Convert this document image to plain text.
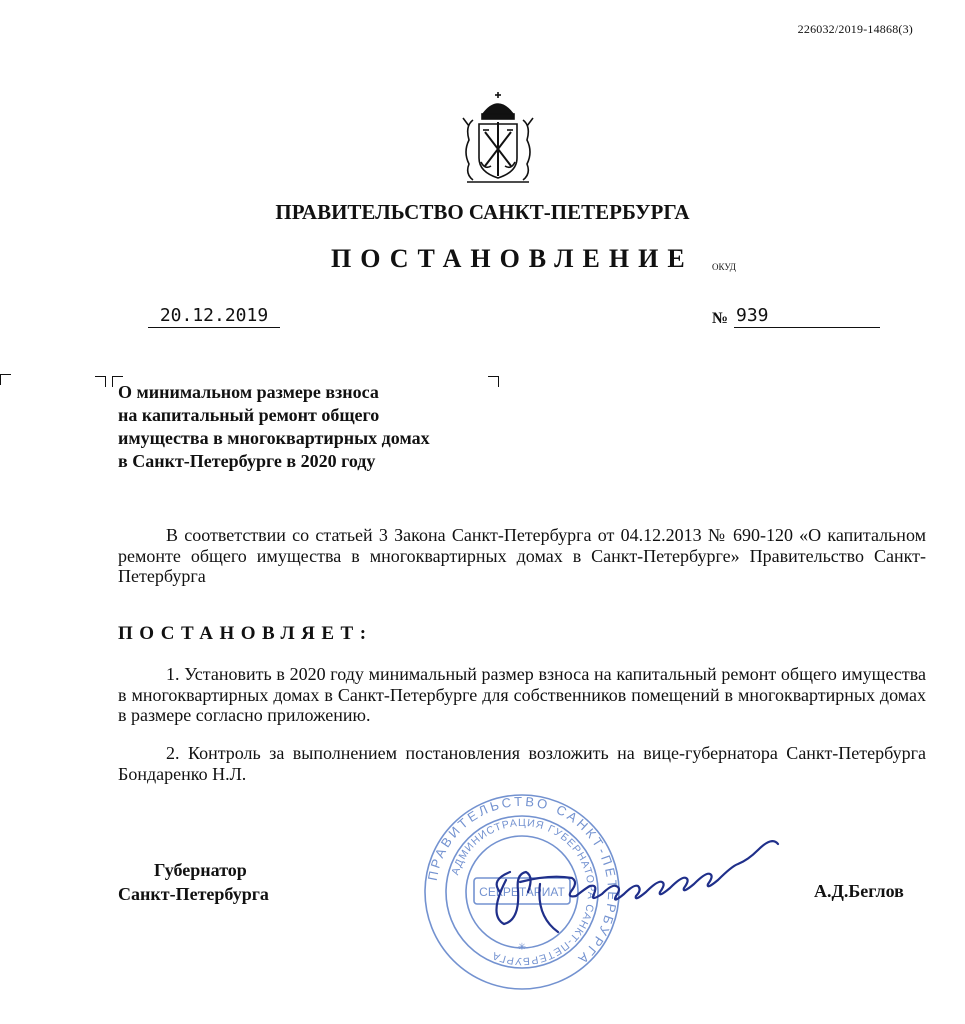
226032/2019-14868(3)
ПРАВИТЕЛЬСТВО САНКТ-ПЕТЕРБУРГА
ПОСТАНОВЛЕНИЕ ОКУД
20.12.2019	№ 939
О минимальном размере взноса
на капитальный ремонт общего
имущества в многоквартирных домах
в Санкт-Петербурге в 2020 году
В соответствии со статьей 3 Закона Санкт-Петербурга от 04.12.2013 № 690-120 «О капитальном ремонте общего имущества в многоквартирных домах в Санкт-Петербурге» Правительство Санкт-Петербурга
ПОСТАНОВЛЯЕТ:
1. Установить в 2020 году минимальный размер взноса на капитальный ремонт общего имущества в многоквартирных домах в Санкт-Петербурге для собственников помещений в многоквартирных домах в размере согласно приложению.
2. Контроль за выполнением постановления возложить на вице-губернатора Санкт-Петербурга Бондаренко Н.Л.
Губернатор
Санкт-Петербурга	А.Д.Беглов
ПРАВИТЕЛЬСТВО САНКТ-ПЕТЕРБУРГА
АДМИНИСТРАЦИЯ ГУБЕРНАТОРА САНКТ-ПЕТЕРБУРГА
СЕКРЕТАРИАТ
✳
